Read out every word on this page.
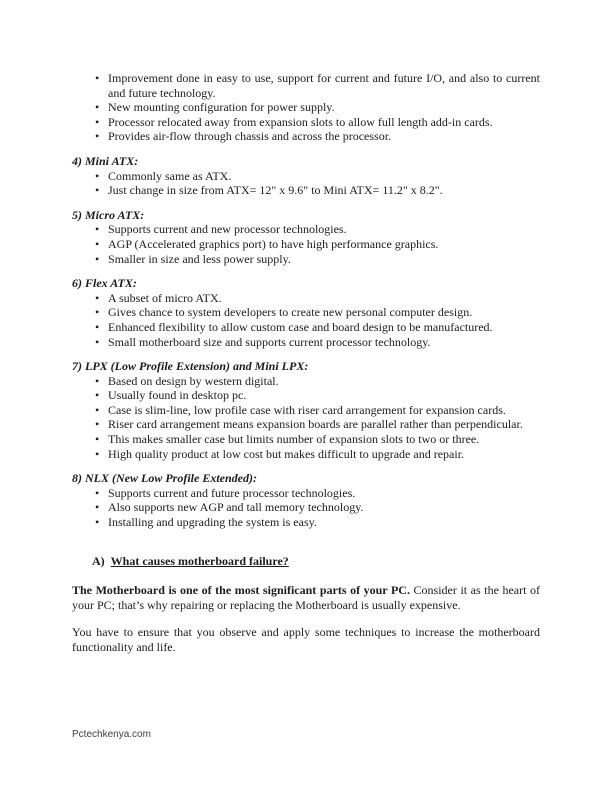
• Improvement done in easy to use, support for current and future I/O, and also to current and future technology.
• New mounting configuration for power supply.
• Processor relocated away from expansion slots to allow full length add-in cards.
• Provides air-flow through chassis and across the processor.
4) Mini ATX:
• Commonly same as ATX.
• Just change in size from ATX= 12" x 9.6" to Mini ATX= 11.2" x 8.2".
5) Micro ATX:
• Supports current and new processor technologies.
• AGP (Accelerated graphics port) to have high performance graphics.
• Smaller in size and less power supply.
6) Flex ATX:
• A subset of micro ATX.
• Gives chance to system developers to create new personal computer design.
• Enhanced flexibility to allow custom case and board design to be manufactured.
• Small motherboard size and supports current processor technology.
7) LPX (Low Profile Extension) and Mini LPX:
• Based on design by western digital.
• Usually found in desktop pc.
• Case is slim-line, low profile case with riser card arrangement for expansion cards.
• Riser card arrangement means expansion boards are parallel rather than perpendicular.
• This makes smaller case but limits number of expansion slots to two or three.
• High quality product at low cost but makes difficult to upgrade and repair.
8) NLX (New Low Profile Extended):
• Supports current and future processor technologies.
• Also supports new AGP and tall memory technology.
• Installing and upgrading the system is easy.
A) What causes motherboard failure?

The Motherboard is one of the most significant parts of your PC. Consider it as the heart of your PC; that’s why repairing or replacing the Motherboard is usually expensive.

You have to ensure that you observe and apply some techniques to increase the motherboard functionality and life.

Pctechkenya.com
